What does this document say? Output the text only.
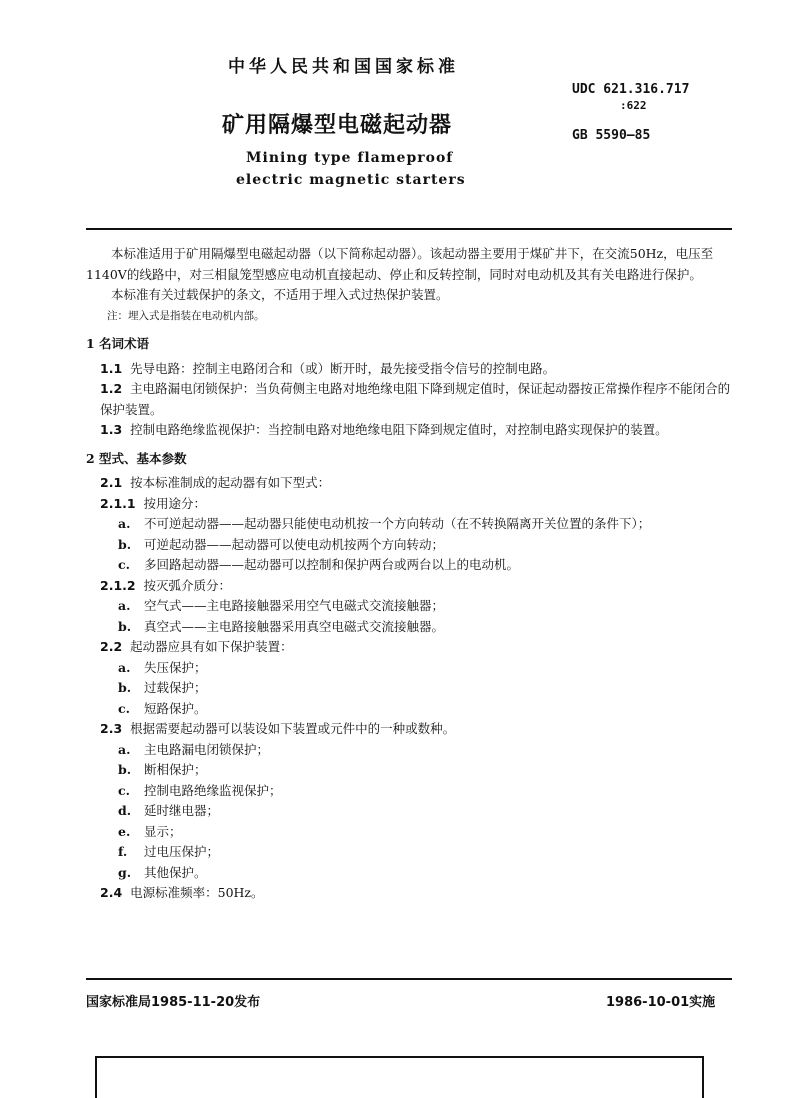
中华人民共和国国家标准
矿用隔爆型电磁起动器
Mining type flameproof
electric magnetic starters
UDC 621.316.717
:622
GB 5590—85

本标准适用于矿用隔爆型电磁起动器（以下简称起动器）。该起动器主要用于煤矿井下，在交流50Hz，电压至1140V的线路中，对三相鼠笼型感应电动机直接起动、停止和反转控制，同时对电动机及其有关电路进行保护。

本标准有关过载保护的条文，不适用于埋入式过热保护装置。

注：埋入式是指装在电动机内部。

1 名词术语

1.1 先导电路：控制主电路闭合和（或）断开时，最先接受指令信号的控制电路。

1.2 主电路漏电闭锁保护：当负荷侧主电路对地绝缘电阻下降到规定值时，保证起动器按正常操作程序不能闭合的保护装置。

1.3 控制电路绝缘监视保护：当控制电路对地绝缘电阻下降到规定值时，对控制电路实现保护的装置。

2 型式、基本参数

2.1 按本标准制成的起动器有如下型式：

2.1.1 按用途分：

a. 不可逆起动器——起动器只能使电动机按一个方向转动（在不转换隔离开关位置的条件下）；

b. 可逆起动器——起动器可以使电动机按两个方向转动；

c. 多回路起动器——起动器可以控制和保护两台或两台以上的电动机。

2.1.2 按灭弧介质分：

a. 空气式——主电路接触器采用空气电磁式交流接触器；

b. 真空式——主电路接触器采用真空电磁式交流接触器。

2.2 起动器应具有如下保护装置：

a. 失压保护；

b. 过载保护；

c. 短路保护。

2.3 根据需要起动器可以装设如下装置或元件中的一种或数种。

a. 主电路漏电闭锁保护；

b. 断相保护；

c. 控制电路绝缘监视保护；

d. 延时继电器；

e. 显示；

f. 过电压保护；

g. 其他保护。

2.4 电源标准频率：50Hz。

国家标准局1985-11-20发布	1986-10-01实施
